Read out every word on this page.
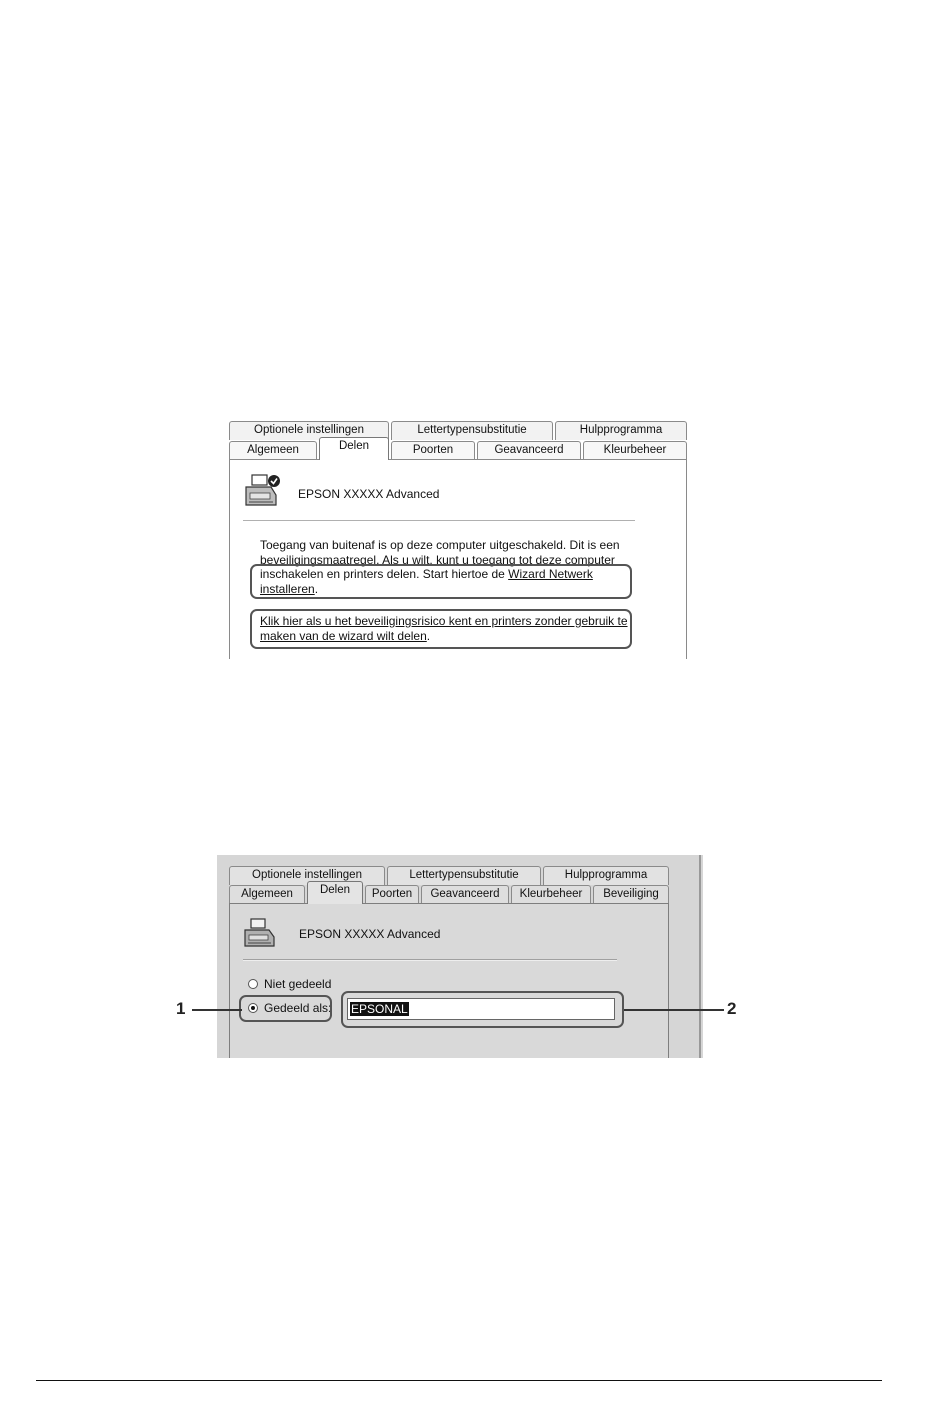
Optionele instellingen	Lettertypensubstitutie	Hulpprogramma
Algemeen	Delen	Poorten	Geavanceerd	Kleurbeheer
EPSON XXXXX Advanced
Toegang van buitenaf is op deze computer uitgeschakeld. Dit is een
beveiligingsmaatregel. Als u wilt, kunt u toegang tot deze computer
inschakelen en printers delen. Start hiertoe de Wizard Netwerk
installeren.
Klik hier als u het beveiligingsrisico kent en printers zonder gebruik te
maken van de wizard wilt delen.
Optionele instellingen	Lettertypensubstitutie	Hulpprogramma
Algemeen	Delen	Poorten	Geavanceerd	Kleurbeheer	Beveiliging
EPSON XXXXX Advanced
Niet gedeeld
Gedeeld als: EPSONAL
1	2
